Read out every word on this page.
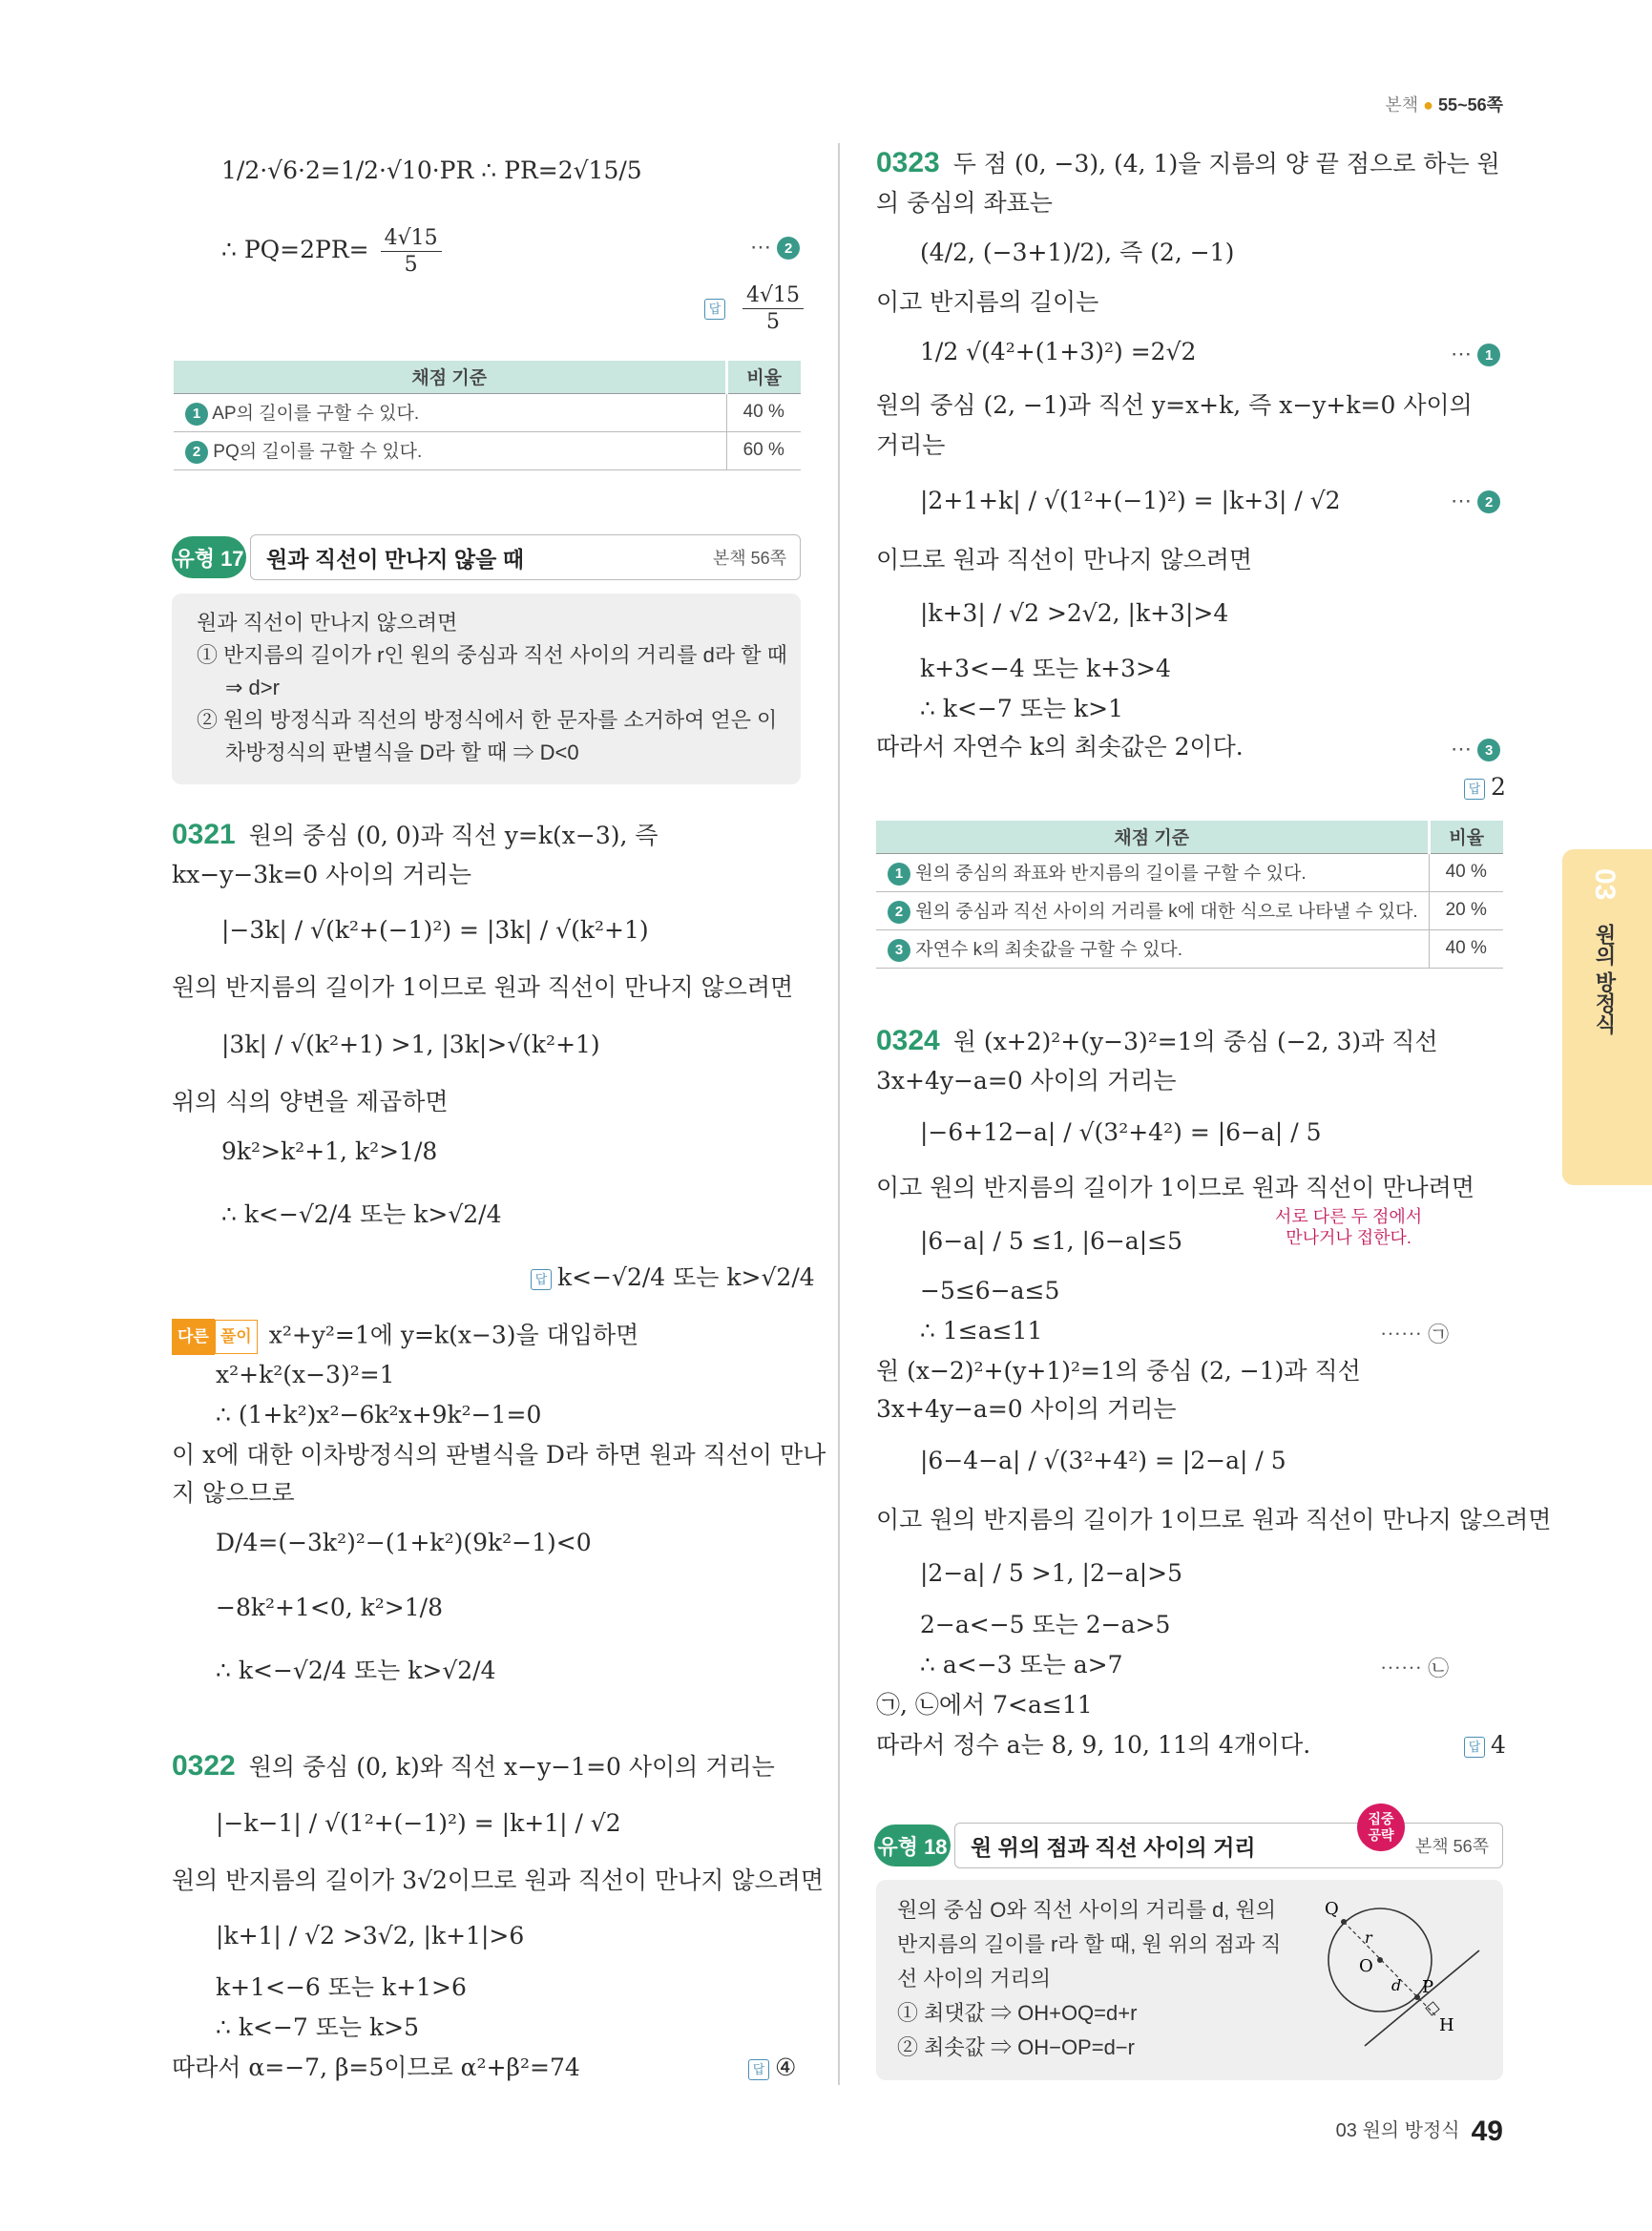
본책 ● 55~56쪽
03
원의 방정식
1/2·√6·2=1/2·√10·PR ∴ PR=2√15/5
∴ $PQ=2PR= \frac{4√15}{5}$	⋯ 2
답 $\frac{4√15}{5}$
채점 기준	비율
1 AP의 길이를 구할 수 있다.	40 %
2 PQ의 길이를 구할 수 있다.	60 %
원과 직선이 만나지 않을 때	본책 56쪽
유형 17
원과 직선이 만나지 않으려면
① 반지름의 길이가 r인 원의 중심과 직선 사이의 거리를 d라 할 때
⇒ d>r
② 원의 방정식과 직선의 방정식에서 한 문자를 소거하여 얻은 이
차방정식의 판별식을 D라 할 때 ⇒ D<0
0321 원의 중심 (0, 0)과 직선 y=k(x−3), 즉
kx−y−3k=0 사이의 거리는
|−3k| / √(k²+(−1)²) = |3k| / √(k²+1)
원의 반지름의 길이가 1이므로 원과 직선이 만나지 않으려면
|3k| / √(k²+1) >1, |3k|>√(k²+1)
위의 식의 양변을 제곱하면
9k²>k²+1, k²>1/8
∴ k<−√2/4 또는 k>√2/4
답 k<−√2/4 또는 k>√2/4
다른 풀이 x²+y²=1에 y=k(x−3)을 대입하면
x²+k²(x−3)²=1
∴ (1+k²)x²−6k²x+9k²−1=0
이 x에 대한 이차방정식의 판별식을 D라 하면 원과 직선이 만나
지 않으므로
D/4=(−3k²)²−(1+k²)(9k²−1)<0
−8k²+1<0, k²>1/8
∴ k<−√2/4 또는 k>√2/4
0322 원의 중심 (0, k)와 직선 x−y−1=0 사이의 거리는
|−k−1| / √(1²+(−1)²) = |k+1| / √2
원의 반지름의 길이가 3√2이므로 원과 직선이 만나지 않으려면
|k+1| / √2 >3√2, |k+1|>6
k+1<−6 또는 k+1>6
∴ k<−7 또는 k>5
따라서 α=−7, β=5이므로 α²+β²=74	답 ④
0323 두 점 (0, −3), (4, 1)을 지름의 양 끝 점으로 하는 원
의 중심의 좌표는
(4/2, (−3+1)/2), 즉 (2, −1)
이고 반지름의 길이는
1/2 √(4²+(1+3)²) =2√2	⋯ 1
원의 중심 (2, −1)과 직선 y=x+k, 즉 x−y+k=0 사이의
거리는
|2+1+k| / √(1²+(−1)²) = |k+3| / √2	⋯ 2
이므로 원과 직선이 만나지 않으려면
|k+3| / √2 >2√2, |k+3|>4
k+3<−4 또는 k+3>4
∴ k<−7 또는 k>1
따라서 자연수 k의 최솟값은 2이다.	⋯ 3
답 2
채점 기준	비율
1 원의 중심의 좌표와 반지름의 길이를 구할 수 있다.	40 %
2 원의 중심과 직선 사이의 거리를 k에 대한 식으로 나타낼 수 있다.	20 %
3 자연수 k의 최솟값을 구할 수 있다.	40 %
0324 원 (x+2)²+(y−3)²=1의 중심 (−2, 3)과 직선
3x+4y−a=0 사이의 거리는
|−6+12−a| / √(3²+4²) = |6−a| / 5
이고 원의 반지름의 길이가 1이므로 원과 직선이 만나려면
서로 다른 두 점에서
만나거나 접한다.
|6−a| / 5 ≤1, |6−a|≤5
−5≤6−a≤5
∴ 1≤a≤11	⋯⋯ ㉠
원 (x−2)²+(y+1)²=1의 중심 (2, −1)과 직선
3x+4y−a=0 사이의 거리는
|6−4−a| / √(3²+4²) = |2−a| / 5
이고 원의 반지름의 길이가 1이므로 원과 직선이 만나지 않으려면
|2−a| / 5 >1, |2−a|>5
2−a<−5 또는 2−a>5
∴ a<−3 또는 a>7	⋯⋯ ㉡
㉠, ㉡에서 7<a≤11
따라서 정수 a는 8, 9, 10, 11의 4개이다.	답 4
원 위의 점과 직선 사이의 거리	본책 56쪽
유형 18
집중
공략
원의 중심 O와 직선 사이의 거리를 d, 원의
반지름의 길이를 r라 할 때, 원 위의 점과 직
선 사이의 거리의
① 최댓값 ⇒ OH+OQ=d+r
② 최솟값 ⇒ OH−OP=d−r
Q
O
P
H
r
d
03 원의 방정식 49
